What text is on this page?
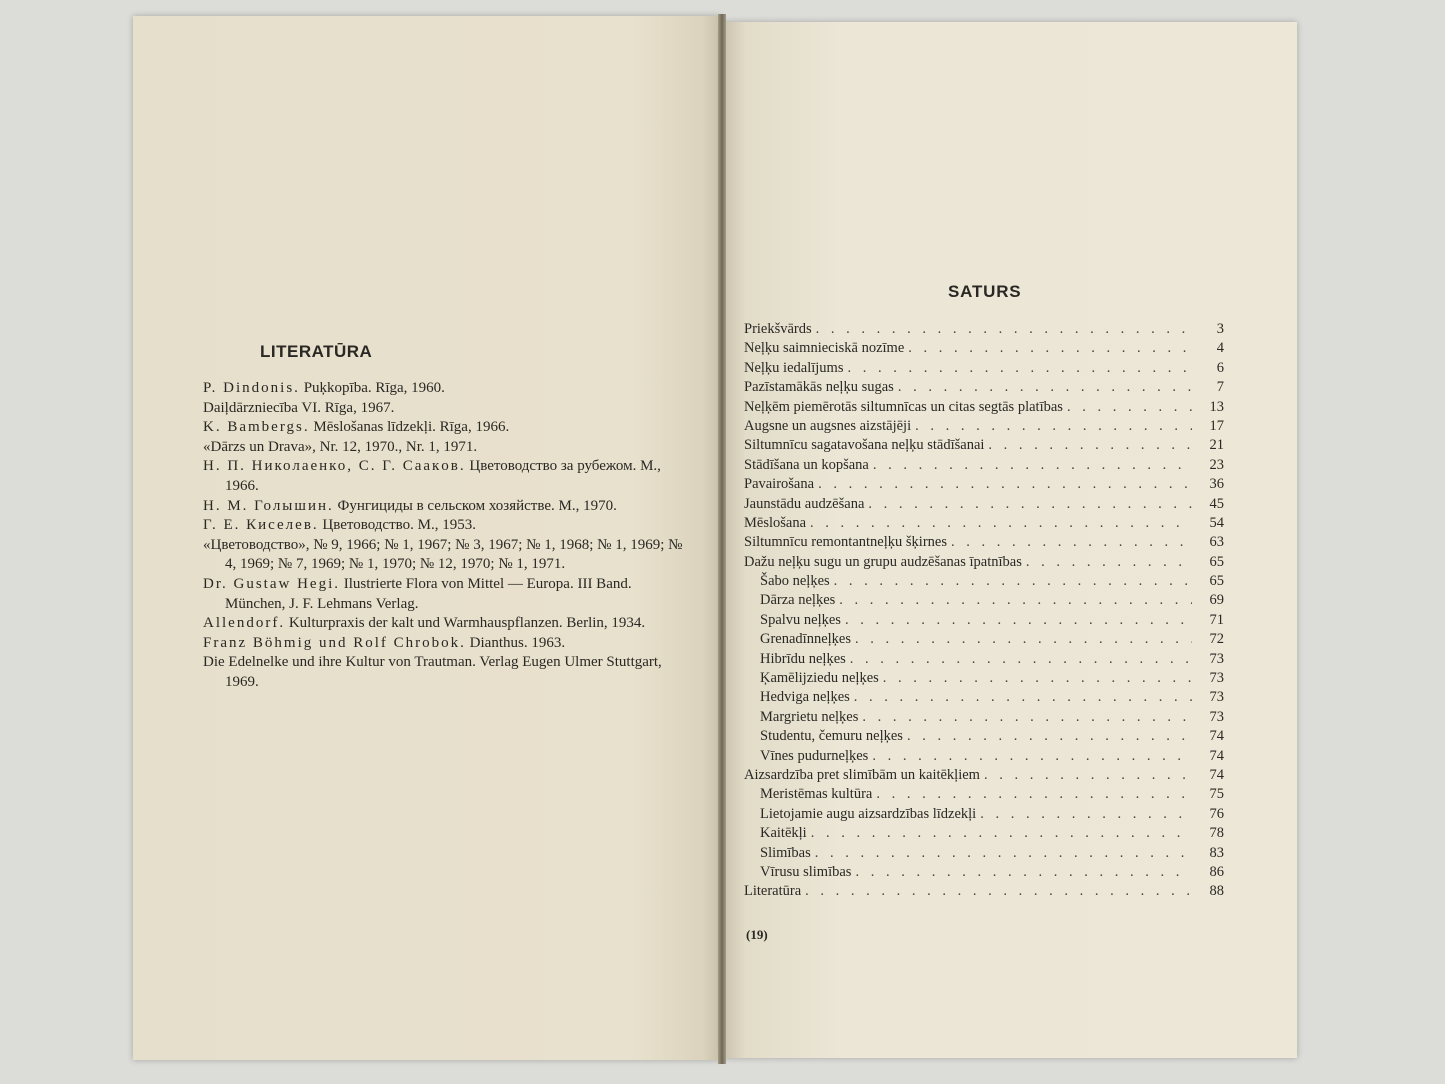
LITERATŪRA
P. Dindonis. Puķkopība. Rīga, 1960.
Daiļdārzniecība VI. Rīga, 1967.
K. Bambergs. Mēslošanas līdzekļi. Rīga, 1966.
«Dārzs un Drava», Nr. 12, 1970., Nr. 1, 1971.
Н. П. Николаенко, С. Г. Саакoв. Цветоводство за рубежом. М., 1966.
Н. М. Голышин. Фунгициды в сельском хозяйстве. М., 1970.
Г. Е. Киселев. Цветоводство. М., 1953.
«Цветоводство», № 9, 1966; № 1, 1967; № 3, 1967; № 1, 1968; № 1, 1969; № 4, 1969; № 7, 1969; № 1, 1970; № 12, 1970; № 1, 1971.
Dr. Gustaw Hegi. Ilustrierte Flora von Mittel — Europa. III Band. München, J. F. Lehmans Verlag.
Allendorf. Kulturpraxis der kalt und Warmhauspflanzen. Berlin, 1934.
Franz Böhmig und Rolf Chrobok. Dianthus. 1963.
Die Edelnelke und ihre Kultur von Trautman. Verlag Eugen Ulmer Stuttgart, 1969.
SATURS
Priekšvārds . . .	3
Neļķu saimnieciskā nozīme . . .	4
Neļķu iedalījums . . .	6
Pazīstamākās neļķu sugas . . .	7
Neļķēm piemērotās siltumnīcas un citas segtās platības . . .	13
Augsne un augsnes aizstājēji . . .	17
Siltumnīcu sagatavošana neļķu stādīšanai . . .	21
Stādīšana un kopšana . . .	23
Pavairošana . . .	36
Jaunstādu audzēšana . . .	45
Mēslošana . . .	54
Siltumnīcu remontantneļķu šķirnes . . .	63
Dažu neļķu sugu un grupu audzēšanas īpatnības . . .	65
Šabo neļķes . . .	65
Dārza neļķes . . .	69
Spalvu neļķes . . .	71
Grenadīnneļķes . . .	72
Hibrīdu neļķes . . .	73
Ķamēlijziedu neļķes . . .	73
Hedviga neļķes . . .	73
Margrietu neļķes . . .	73
Studentu, čemuru neļķes . . .	74
Vīnes pudurneļķes . . .	74
Aizsardzība pret slimībām un kaitēkļiem . . .	74
Meristēmas kultūra . . .	75
Lietojamie augu aizsardzības līdzekļi . . .	76
Kaitēkļi . . .	78
Slimības . . .	83
Vīrusu slimības . . .	86
Literatūra . . .	88
(19)
